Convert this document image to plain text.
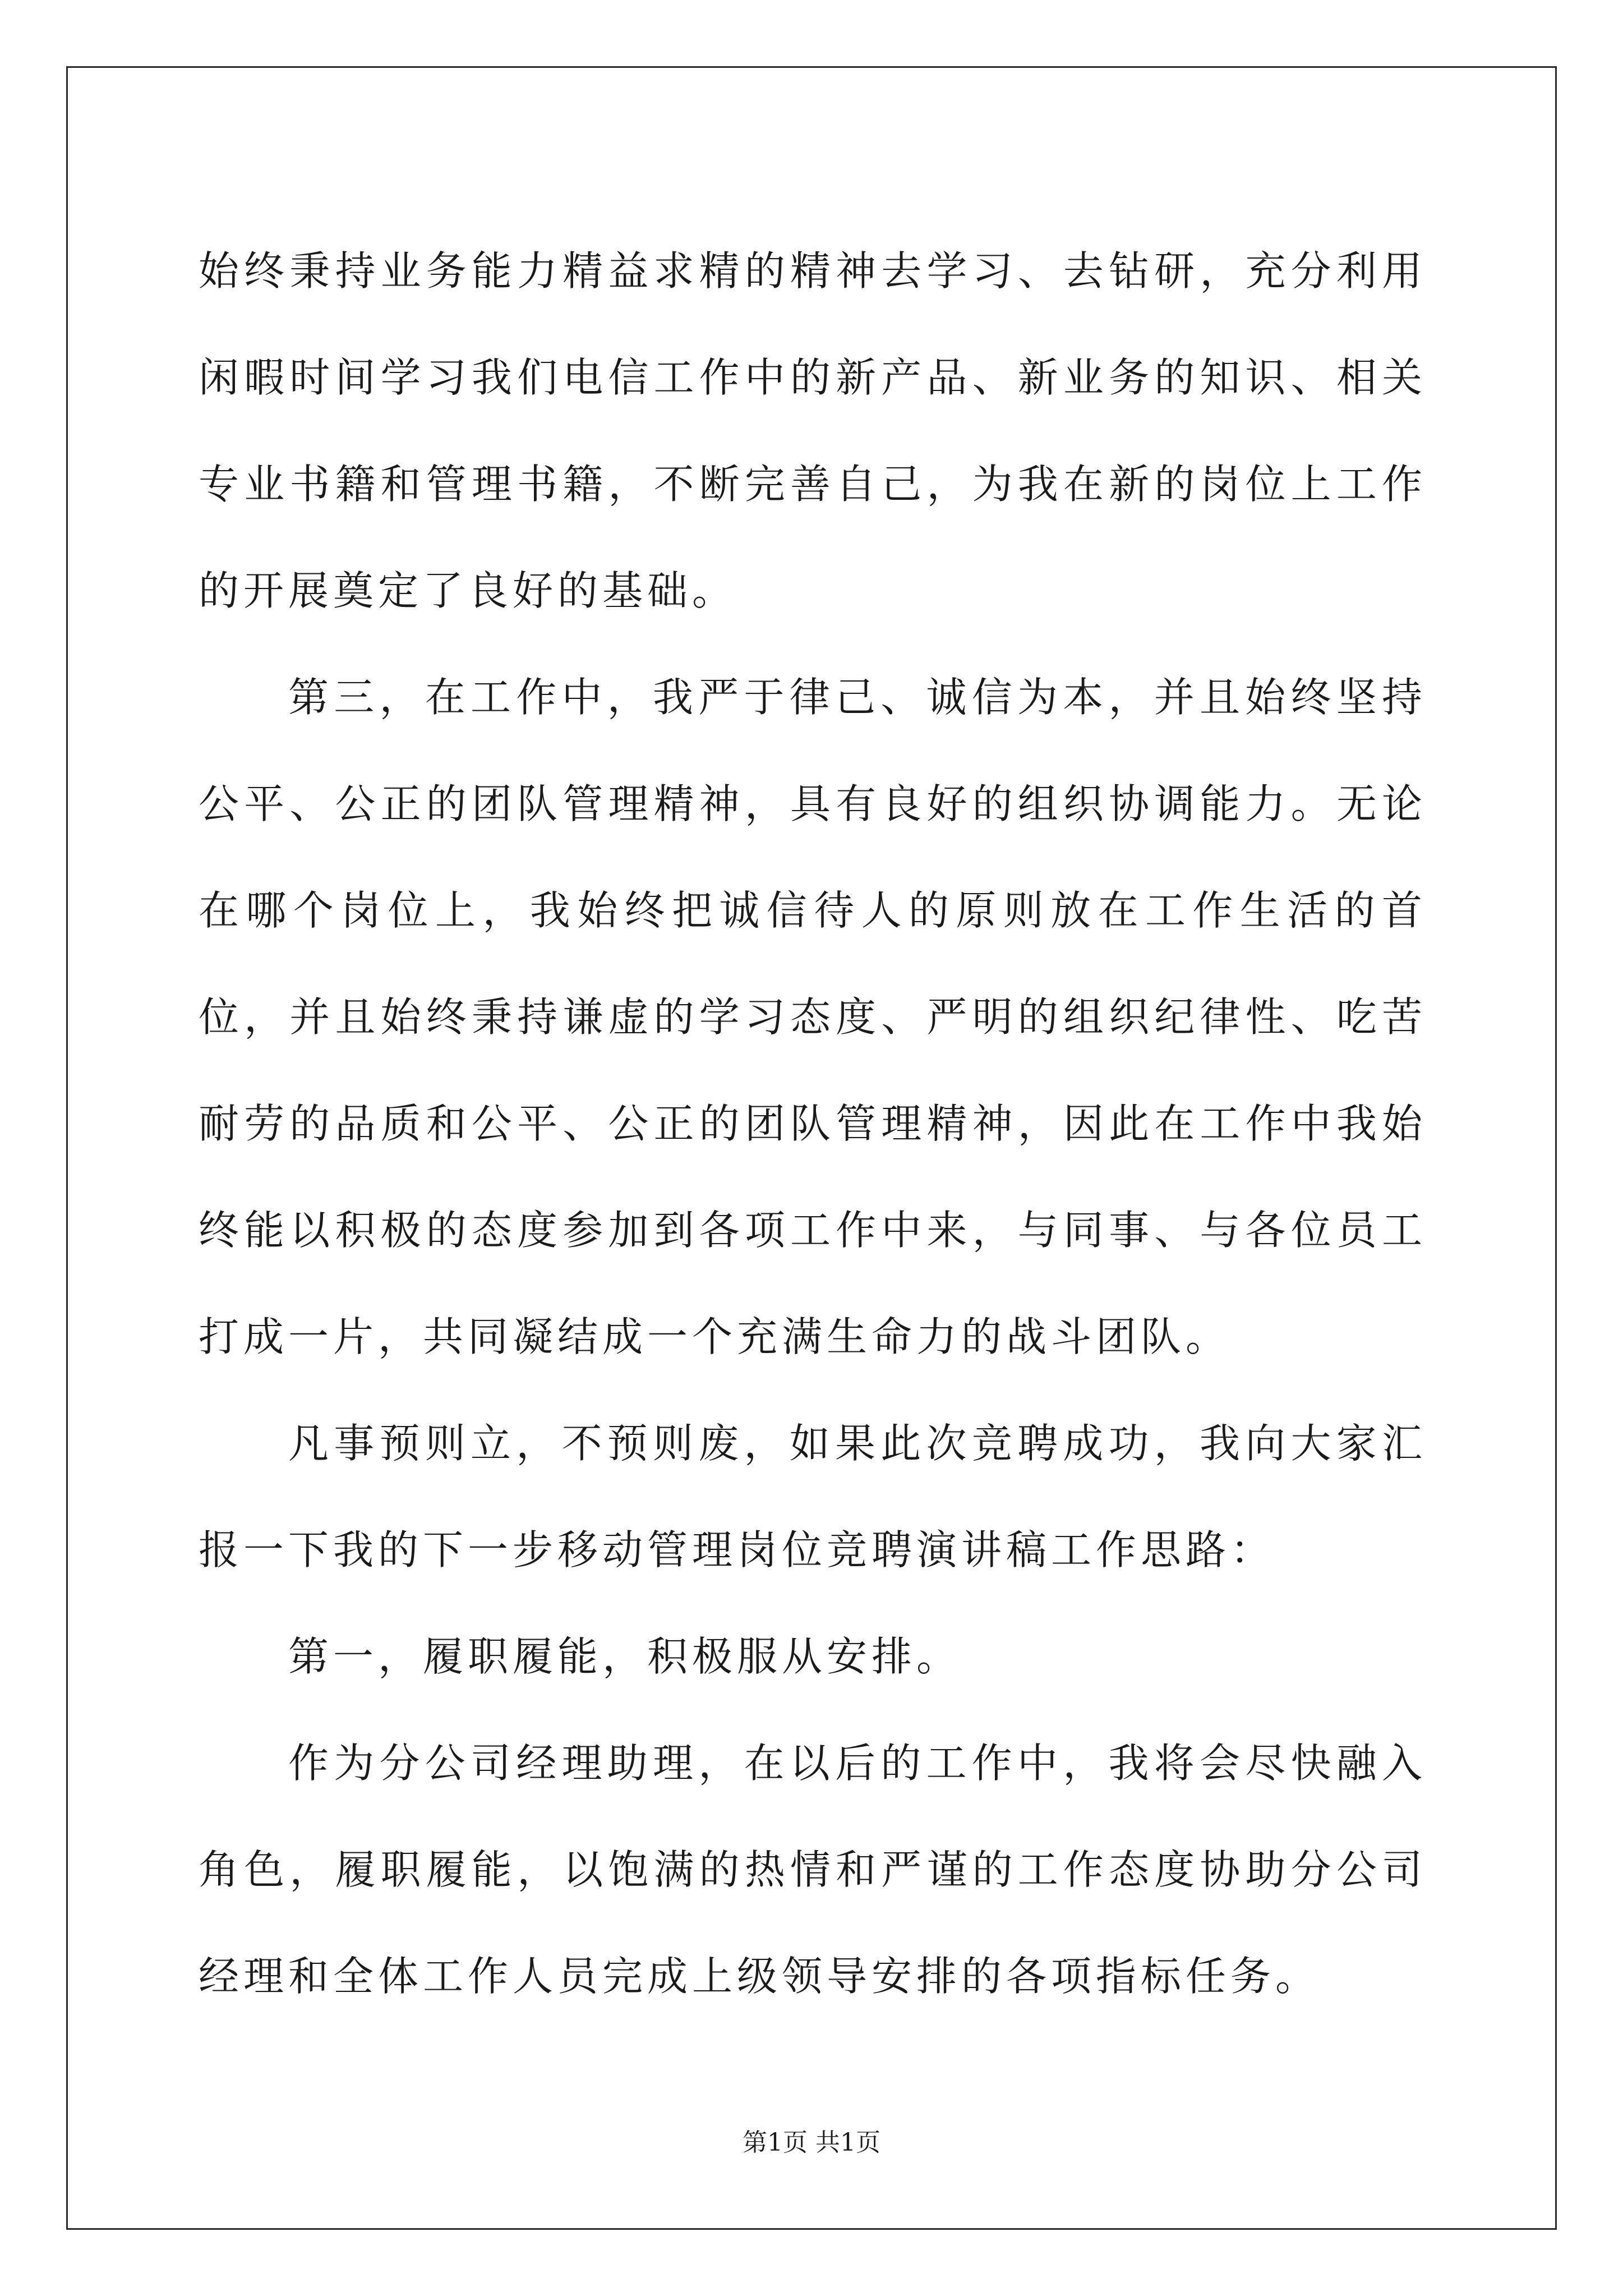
始终秉持业务能力精益求精的精神去学习、去钻研，充分利用闲暇时间学习我们电信工作中的新产品、新业务的知识、相关专业书籍和管理书籍，不断完善自己，为我在新的岗位上工作的开展奠定了良好的基础。

第三，在工作中，我严于律己、诚信为本，并且始终坚持公平、公正的团队管理精神，具有良好的组织协调能力。无论在哪个岗位上，我始终把诚信待人的原则放在工作生活的首位，并且始终秉持谦虚的学习态度、严明的组织纪律性、吃苦耐劳的品质和公平、公正的团队管理精神，因此在工作中我始终能以积极的态度参加到各项工作中来，与同事、与各位员工打成一片，共同凝结成一个充满生命力的战斗团队。

凡事预则立，不预则废，如果此次竞聘成功，我向大家汇报一下我的下一步移动管理岗位竞聘演讲稿工作思路：

第一，履职履能，积极服从安排。

作为分公司经理助理，在以后的工作中，我将会尽快融入角色，履职履能，以饱满的热情和严谨的工作态度协助分公司经理和全体工作人员完成上级领导安排的各项指标任务。

第1页 共1页
